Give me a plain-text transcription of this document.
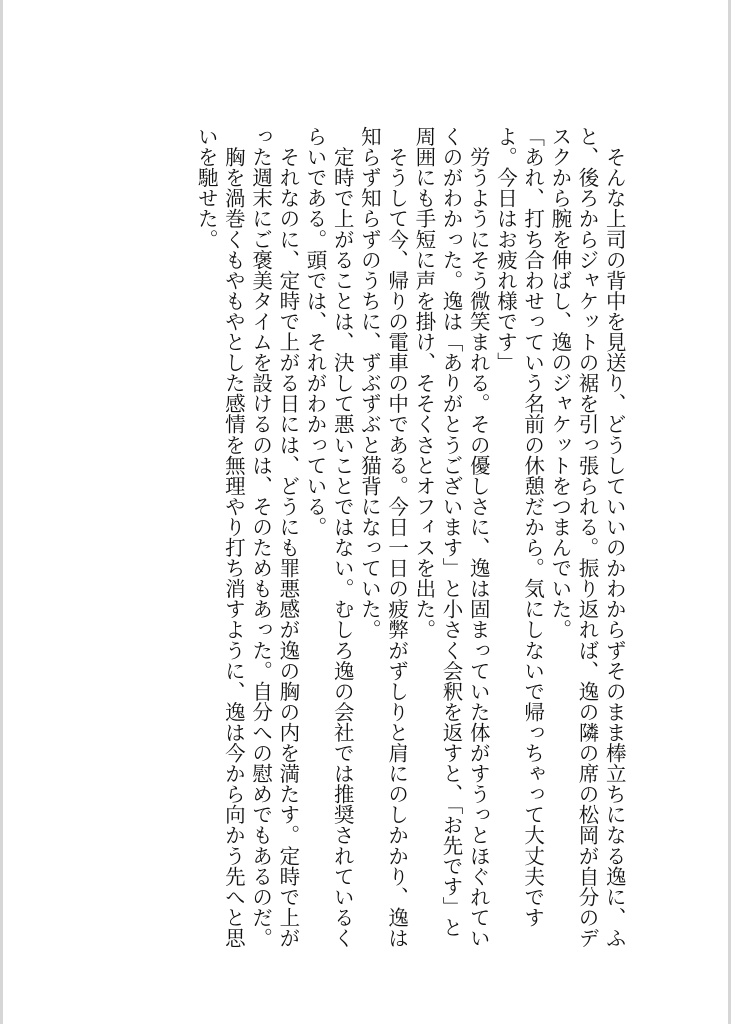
　そんな上司の背中を見送り、どうしていいのかわからずそのまま棒立ちになる逸に、ふと、後ろからジャケットの裾を引っ張られる。振り返れば、逸の隣の席の松岡が自分のデスクから腕を伸ばし、逸のジャケットをつまんでいた。

「あれ、打ち合わせっていう名前の休憩だから。気にしないで帰っちゃって大丈夫ですよ。今日はお疲れ様です」

　労うようにそう微笑まれる。その優しさに、逸は固まっていた体がすうっとほぐれていくのがわかった。逸は「ありがとうございます」と小さく会釈を返すと、「お先です」と周囲にも手短に声を掛け、そそくさとオフィスを出た。

　そうして今、帰りの電車の中である。今日一日の疲弊がずしりと肩にのしかかり、逸は知らず知らずのうちに、ずぶずぶと猫背になっていた。

　定時で上がることは、決して悪いことではない。むしろ逸の会社では推奨されているくらいである。頭では、それがわかっている。

　それなのに、定時で上がる日には、どうにも罪悪感が逸の胸の内を満たす。定時で上がった週末にご褒美タイムを設けるのは、そのためもあった。自分への慰めでもあるのだ。

　胸を渦巻くもやもやとした感情を無理やり打ち消すように、逸は今から向かう先へと思いを馳せた。
